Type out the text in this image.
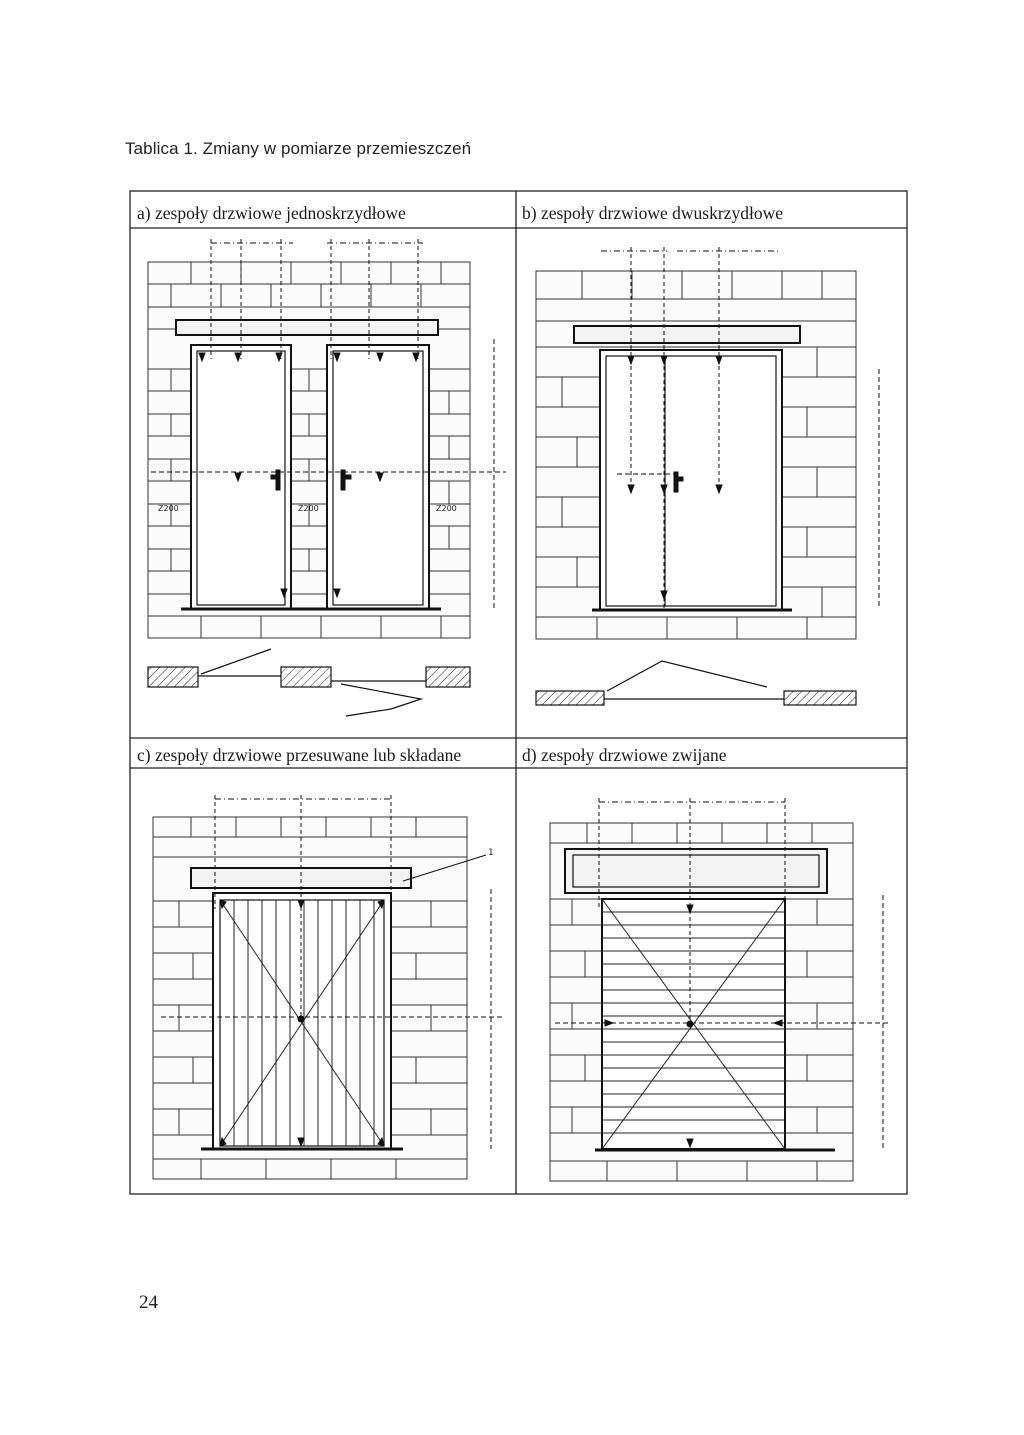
Tablica 1. Zmiany w pomiarze przemieszczeń
a) zespoły drzwiowe jednoskrzydłowe	b) zespoły drzwiowe dwuskrzydłowe
c) zespoły drzwiowe przesuwane lub składane	d) zespoły drzwiowe zwijane
Z200	Z200	Z200
1
24
